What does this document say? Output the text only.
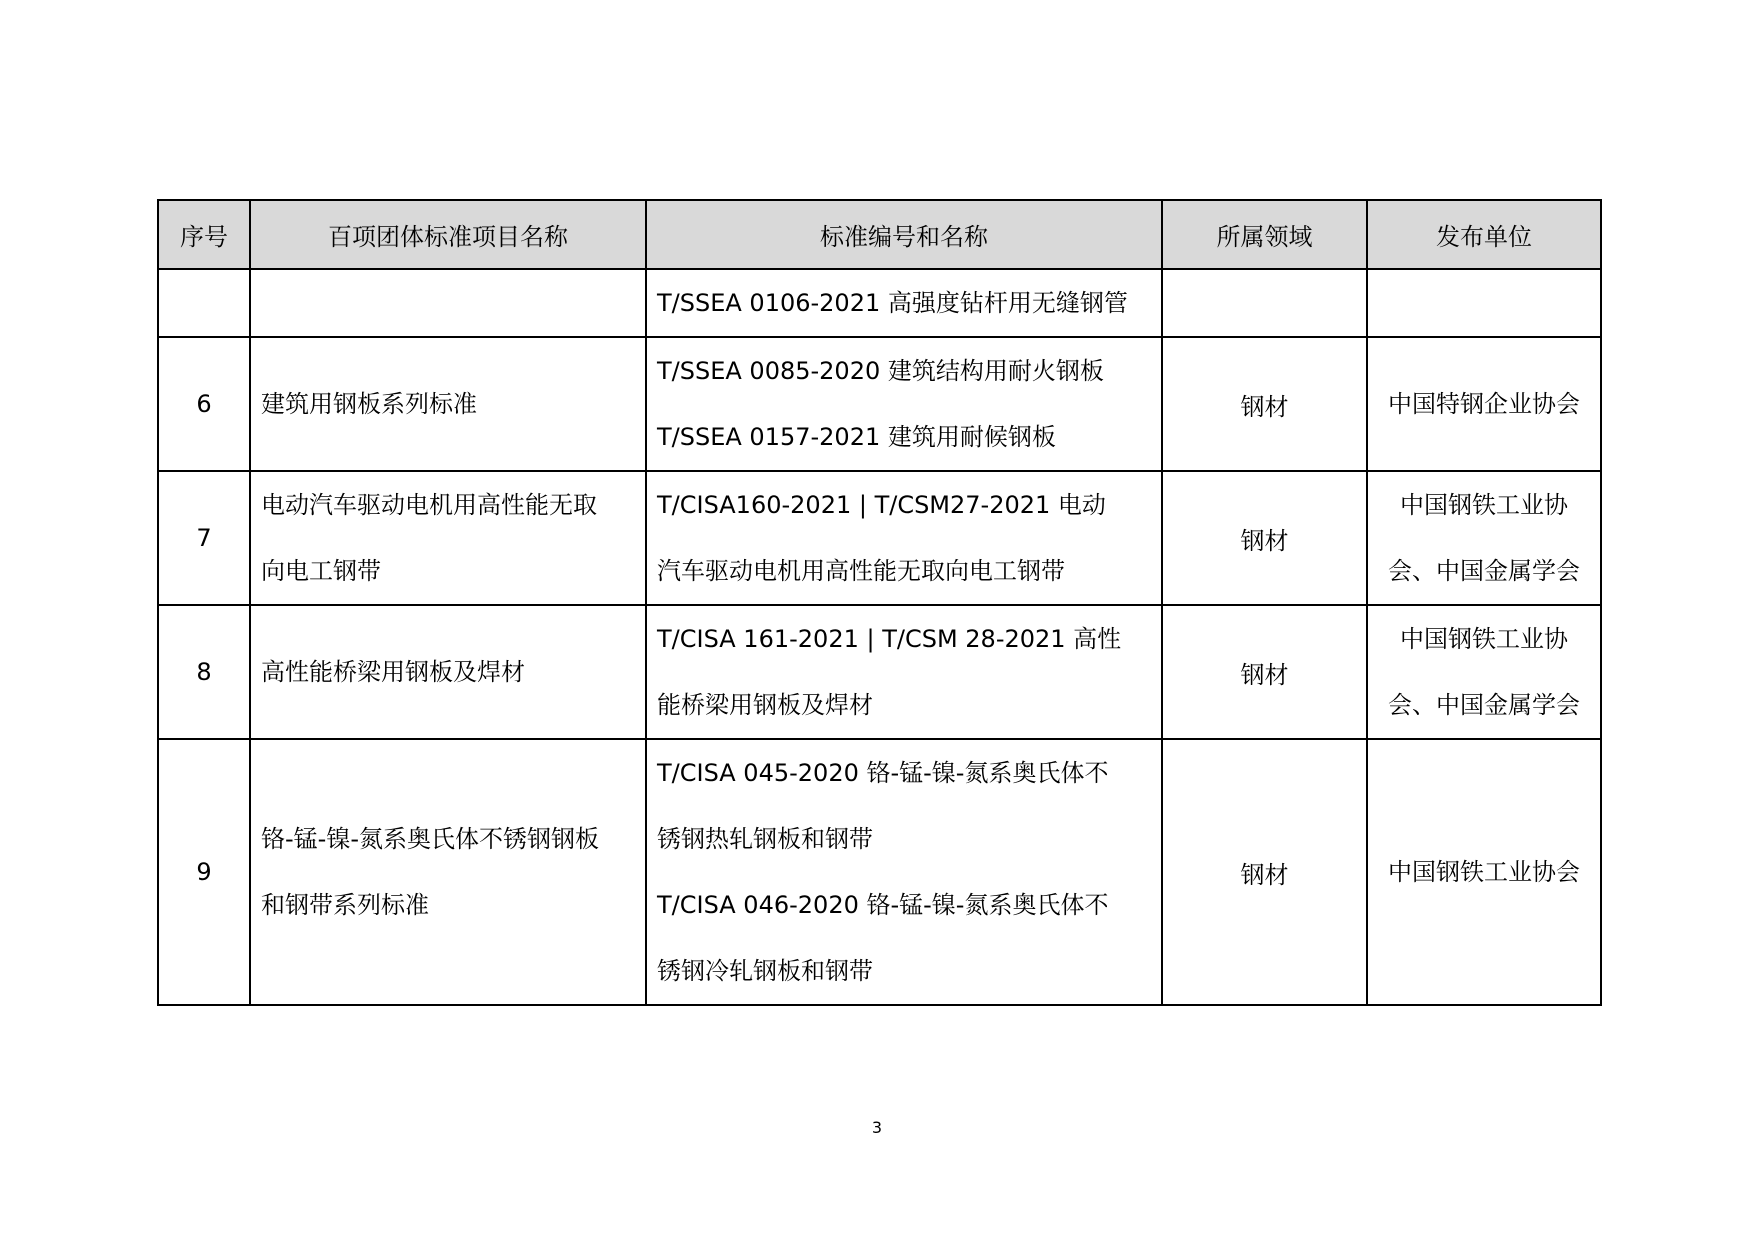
序号	百项团体标准项目名称	标准编号和名称	所属领域	发布单位

		T/SSEA 0106-2021 高强度钻杆用无缝钢管		

6	建筑用钢板系列标准	T/SSEA 0085-2020 建筑结构用耐火钢板
T/SSEA 0157-2021 建筑用耐候钢板	钢材	中国特钢企业协会

7	电动汽车驱动电机用高性能无取
向电工钢带	T/CISA160-2021 | T/CSM27-2021 电动
汽车驱动电机用高性能无取向电工钢带	钢材	中国钢铁工业协
会、中国金属学会

8	高性能桥梁用钢板及焊材	T/CISA 161-2021 | T/CSM 28-2021 高性
能桥梁用钢板及焊材	钢材	中国钢铁工业协
会、中国金属学会

9	铬-锰-镍-氮系奥氏体不锈钢钢板
和钢带系列标准	T/CISA 045-2020 铬-锰-镍-氮系奥氏体不
锈钢热轧钢板和钢带
T/CISA 046-2020 铬-锰-镍-氮系奥氏体不
锈钢冷轧钢板和钢带	钢材	中国钢铁工业协会
3
